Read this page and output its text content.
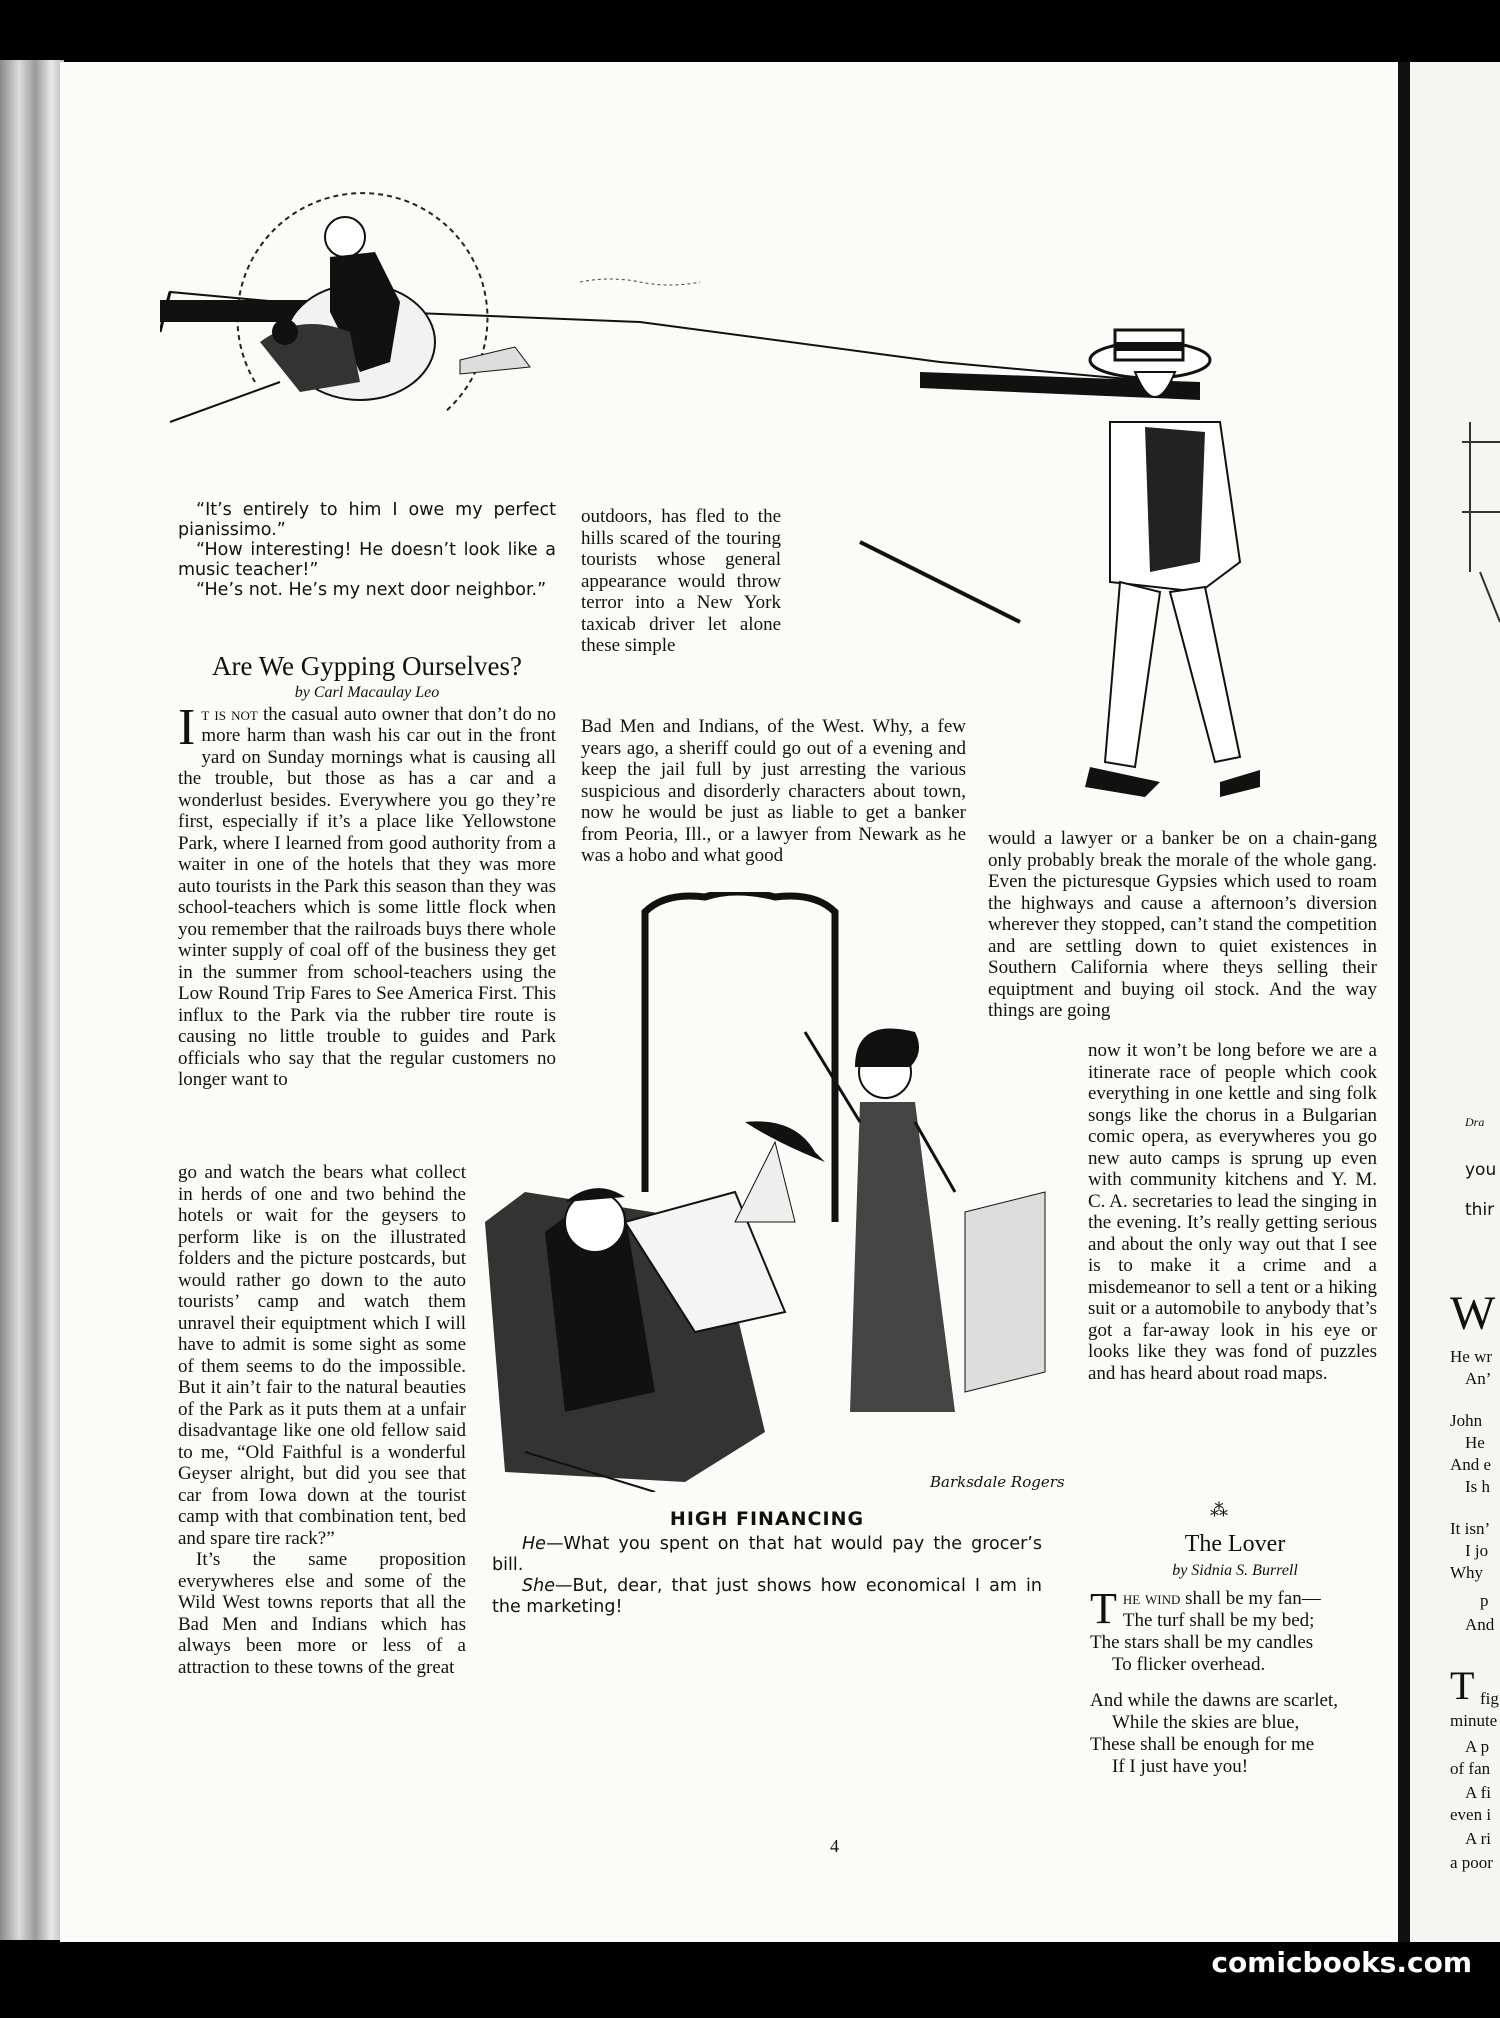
“It’s entirely to him I owe my perfect pianissimo.”

“How interesting! He doesn’t look like a music teacher!”

“He’s not. He’s my next door neighbor.”

Are We Gypping Ourselves?

by Carl Macaulay Leo

It is not the casual auto owner that don’t do no more harm than wash his car out in the front yard on Sunday mornings what is causing all the trouble, but those as has a car and a wonderlust besides. Everywhere you go they’re first, especially if it’s a place like Yellowstone Park, where I learned from good authority from a waiter in one of the hotels that they was more auto tourists in the Park this season than they was school-teachers which is some little flock when you remember that the railroads buys there whole winter supply of coal off of the business they get in the summer from school-teachers using the Low Round Trip Fares to See America First. This influx to the Park via the rubber tire route is causing no little trouble to guides and Park officials who say that the regular customers no longer want to

go and watch the bears what collect in herds of one and two behind the hotels or wait for the geysers to perform like is on the illustrated folders and the picture postcards, but would rather go down to the auto tourists’ camp and watch them unravel their equiptment which I will have to admit is some sight as some of them seems to do the impossible. But it ain’t fair to the natural beauties of the Park as it puts them at a unfair disadvantage like one old fellow said to me, “Old Faithful is a wonderful Geyser alright, but did you see that car from Iowa down at the tourist camp with that combination tent, bed and spare tire rack?”

It’s the same proposition everywheres else and some of the Wild West towns reports that all the Bad Men and Indians which has always been more or less of a attraction to these towns of the great

outdoors, has fled to the hills scared of the touring tourists whose general appearance would throw terror into a New York taxicab driver let alone these simple

Bad Men and Indians, of the West. Why, a few years ago, a sheriff could go out of a evening and keep the jail full by just arresting the various suspicious and disorderly characters about town, now he would be just as liable to get a banker from Peoria, Ill., or a lawyer from Newark as he was a hobo and what good

Barksdale Rogers

HIGH FINANCING

He—What you spent on that hat would pay the grocer’s bill.

She—But, dear, that just shows how economical I am in the marketing!

would a lawyer or a banker be on a chain-gang only probably break the morale of the whole gang. Even the picturesque Gypsies which used to roam the highways and cause a afternoon’s diversion wherever they stopped, can’t stand the competition and are settling down to quiet existences in Southern California where theys selling their equiptment and buying oil stock. And the way things are going

now it won’t be long before we are a itinerate race of people which cook everything in one kettle and sing folk songs like the chorus in a Bulgarian comic opera, as everywheres you go new auto camps is sprung up even with community kitchens and Y. M. C. A. secretaries to lead the singing in the evening. It’s really getting serious and about the only way out that I see is to make it a crime and a misdemeanor to sell a tent or a hiking suit or a automobile to anybody that’s got a far-away look in his eye or looks like they was fond of puzzles and has heard about road maps.

⁂

The Lover

by Sidnia S. Burrell

The wind shall be my fan—
The turf shall be my bed;
The stars shall be my candles
To flicker overhead.
And while the dawns are scarlet,
While the skies are blue,
These shall be enough for me
If I just have you!
4
Dra
you
thir
W
He wr
An’
John
He
And e
Is h
It isn’
I jo
Why
p
And
T fig
minute
A p
of fan
A fi
even i
A ri
a poor
comicbooks.com
